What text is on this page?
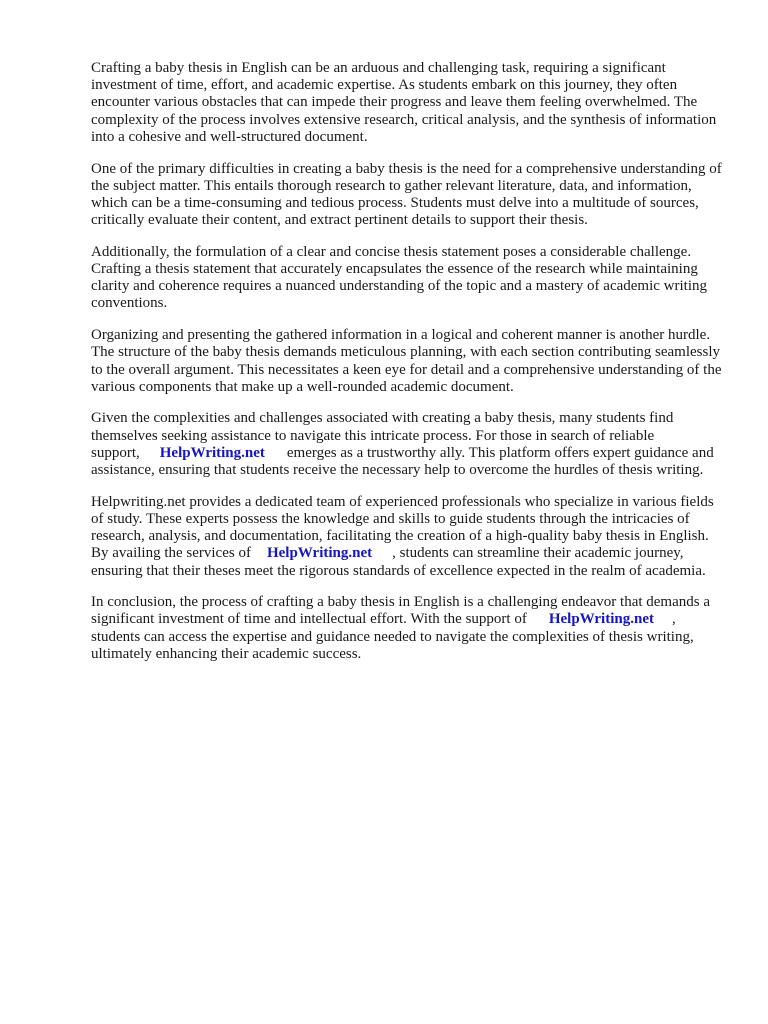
Crafting a baby thesis in English can be an arduous and challenging task, requiring a significant investment of time, effort, and academic expertise. As students embark on this journey, they often encounter various obstacles that can impede their progress and leave them feeling overwhelmed. The complexity of the process involves extensive research, critical analysis, and the synthesis of information into a cohesive and well-structured document.

One of the primary difficulties in creating a baby thesis is the need for a comprehensive understanding of the subject matter. This entails thorough research to gather relevant literature, data, and information, which can be a time-consuming and tedious process. Students must delve into a multitude of sources, critically evaluate their content, and extract pertinent details to support their thesis.

Additionally, the formulation of a clear and concise thesis statement poses a considerable challenge. Crafting a thesis statement that accurately encapsulates the essence of the research while maintaining clarity and coherence requires a nuanced understanding of the topic and a mastery of academic writing conventions.

Organizing and presenting the gathered information in a logical and coherent manner is another hurdle. The structure of the baby thesis demands meticulous planning, with each section contributing seamlessly to the overall argument. This necessitates a keen eye for detail and a comprehensive understanding of the various components that make up a well-rounded academic document.

Given the complexities and challenges associated with creating a baby thesis, many students find themselves seeking assistance to navigate this intricate process. For those in search of reliable support, HelpWriting.net emerges as a trustworthy ally. This platform offers expert guidance and assistance, ensuring that students receive the necessary help to overcome the hurdles of thesis writing.

Helpwriting.net provides a dedicated team of experienced professionals who specialize in various fields of study. These experts possess the knowledge and skills to guide students through the intricacies of research, analysis, and documentation, facilitating the creation of a high-quality baby thesis in English. By availing the services of HelpWriting.net , students can streamline their academic journey, ensuring that their theses meet the rigorous standards of excellence expected in the realm of academia.

In conclusion, the process of crafting a baby thesis in English is a challenging endeavor that demands a significant investment of time and intellectual effort. With the support of HelpWriting.net , students can access the expertise and guidance needed to navigate the complexities of thesis writing, ultimately enhancing their academic success.
